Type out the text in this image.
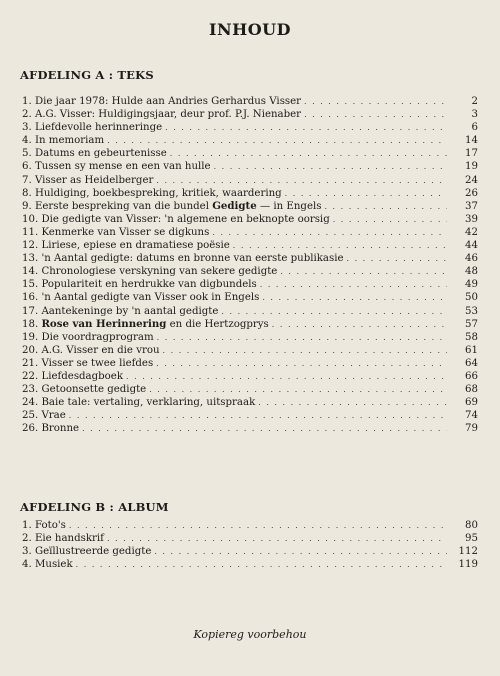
INHOUD
AFDELING A : TEKS
1. Die jaar 1978: Hulde aan Andries Gerhardus Visser . . .	2
2. A.G. Visser: Huldigingsjaar, deur prof. P.J. Nienaber . . .	3
3. Liefdevolle herinneringe . . .	6
4. In memoriam . . .	14
5. Datums en gebeurtenisse . . .	17
6. Tussen sy mense en een van hulle . . .	19
7. Visser as Heidelberger . . .	24
8. Huldiging, boekbespreking, kritiek, waardering . . .	26
9. Eerste bespreking van die bundel Gedigte — in Engels . . .	37
10. Die gedigte van Visser: 'n algemene en beknopte oorsig . . .	39
11. Kenmerke van Visser se digkuns . . .	42
12. Liriese, epiese en dramatiese poësie . . .	44
13. 'n Aantal gedigte: datums en bronne van eerste publikasie . . .	46
14. Chronologiese verskyning van sekere gedigte . . .	48
15. Populariteit en herdrukke van digbundels . . .	49
16. 'n Aantal gedigte van Visser ook in Engels . . .	50
17. Aantekeninge by 'n aantal gedigte . . .	53
18. Rose van Herinnering en die Hertzogprys . . .	57
19. Die voordragprogram . . .	58
20. A.G. Visser en die vrou . . .	61
21. Visser se twee liefdes . . .	64
22. Liefdesdagboek . . .	66
23. Getoonsette gedigte . . .	68
24. Baie tale: vertaling, verklaring, uitspraak . . .	69
25. Vrae . . .	74
26. Bronne . . .	79
AFDELING B : ALBUM
1. Foto's . . .	80
2. Eie handskrif . . .	95
3. Geïllustreerde gedigte . . .	112
4. Musiek . . .	119
Kopiereg voorbehou
